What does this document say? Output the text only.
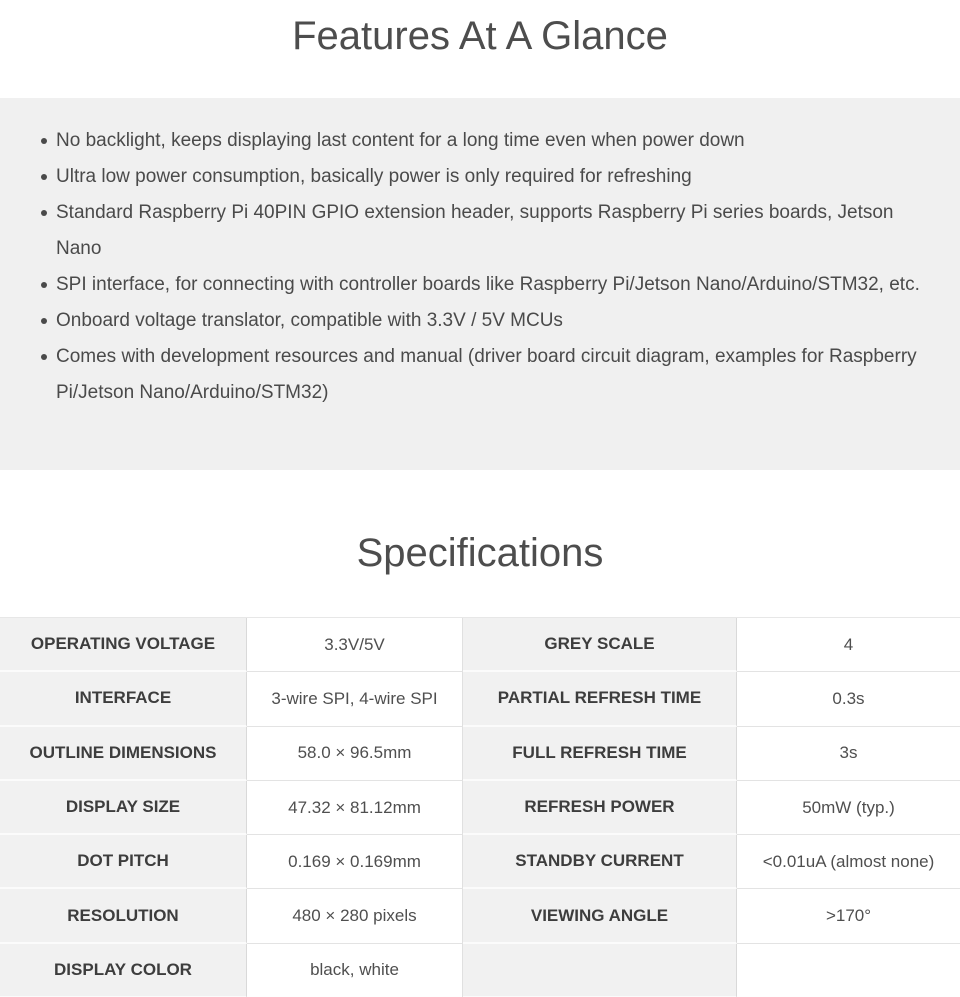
Features At A Glance
No backlight, keeps displaying last content for a long time even when power down
Ultra low power consumption, basically power is only required for refreshing
Standard Raspberry Pi 40PIN GPIO extension header, supports Raspberry Pi series boards, Jetson Nano
SPI interface, for connecting with controller boards like Raspberry Pi/Jetson Nano/Arduino/STM32, etc.
Onboard voltage translator, compatible with 3.3V / 5V MCUs
Comes with development resources and manual (driver board circuit diagram, examples for Raspberry Pi/Jetson Nano/Arduino/STM32)
Specifications
OPERATING VOLTAGE	3.3V/5V	GREY SCALE	4
INTERFACE	3-wire SPI, 4-wire SPI	PARTIAL REFRESH TIME	0.3s
OUTLINE DIMENSIONS	58.0 × 96.5mm	FULL REFRESH TIME	3s
DISPLAY SIZE	47.32 × 81.12mm	REFRESH POWER	50mW (typ.)
DOT PITCH	0.169 × 0.169mm	STANDBY CURRENT	<0.01uA (almost none)
RESOLUTION	480 × 280 pixels	VIEWING ANGLE	>170°
DISPLAY COLOR	black, white
